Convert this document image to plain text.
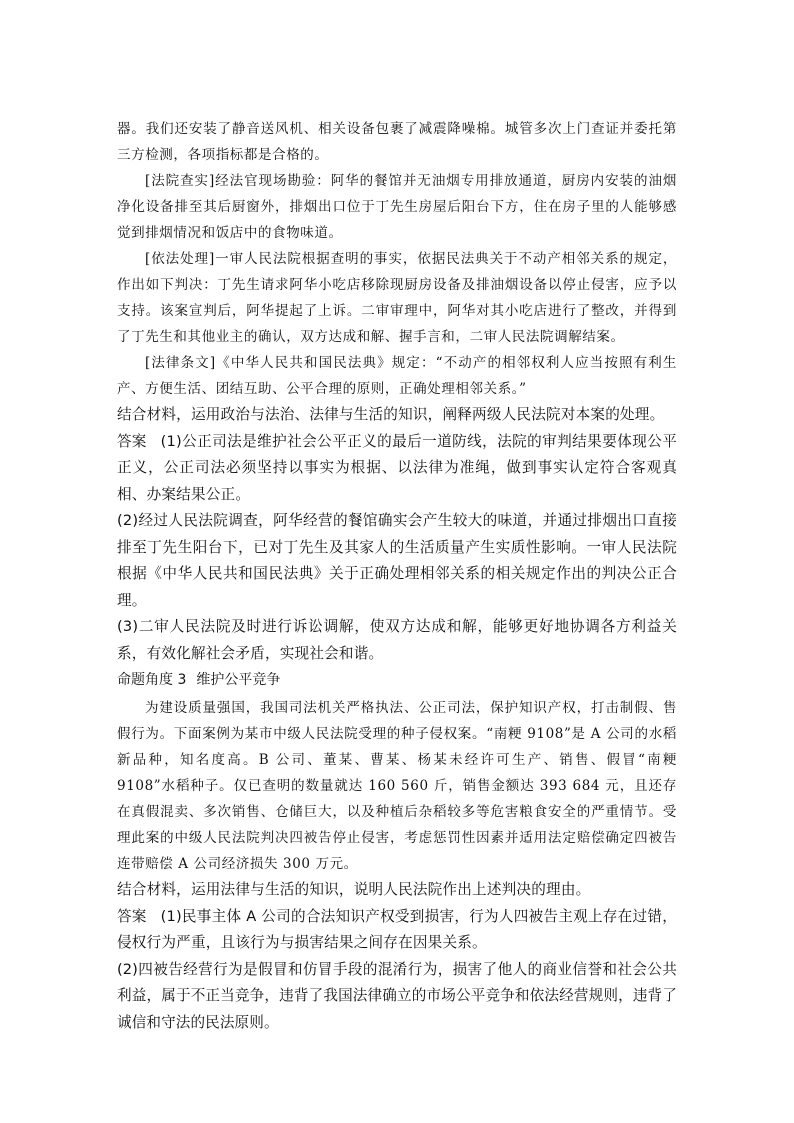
器。我们还安装了静音送风机、相关设备包裹了减震降噪棉。城管多次上门查证并委托第三方检测，各项指标都是合格的。

[法院查实]经法官现场勘验：阿华的餐馆并无油烟专用排放通道，厨房内安装的油烟净化设备排至其后厨窗外，排烟出口位于丁先生房屋后阳台下方，住在房子里的人能够感觉到排烟情况和饭店中的食物味道。

[依法处理]一审人民法院根据查明的事实，依据民法典关于不动产相邻关系的规定，作出如下判决：丁先生请求阿华小吃店移除现厨房设备及排油烟设备以停止侵害，应予以支持。该案宣判后，阿华提起了上诉。二审审理中，阿华对其小吃店进行了整改，并得到了丁先生和其他业主的确认，双方达成和解、握手言和，二审人民法院调解结案。

[法律条文]《中华人民共和国民法典》规定：“不动产的相邻权利人应当按照有利生产、方便生活、团结互助、公平合理的原则，正确处理相邻关系。”

结合材料，运用政治与法治、法律与生活的知识，阐释两级人民法院对本案的处理。

答案 (1)公正司法是维护社会公平正义的最后一道防线，法院的审判结果要体现公平正义，公正司法必须坚持以事实为根据、以法律为准绳，做到事实认定符合客观真相、办案结果公正。

(2)经过人民法院调查，阿华经营的餐馆确实会产生较大的味道，并通过排烟出口直接排至丁先生阳台下，已对丁先生及其家人的生活质量产生实质性影响。一审人民法院根据《中华人民共和国民法典》关于正确处理相邻关系的相关规定作出的判决公正合理。

(3)二审人民法院及时进行诉讼调解，使双方达成和解，能够更好地协调各方利益关系，有效化解社会矛盾，实现社会和谐。

命题角度 3 维护公平竞争

为建设质量强国，我国司法机关严格执法、公正司法，保护知识产权，打击制假、售假行为。下面案例为某市中级人民法院受理的种子侵权案。“南粳 9108”是 A 公司的水稻新品种，知名度高。B 公司、董某、曹某、杨某未经许可生产、销售、假冒“南粳 9108”水稻种子。仅已查明的数量就达 160 560 斤，销售金额达 393 684 元，且还存在真假混卖、多次销售、仓储巨大，以及种植后杂稻较多等危害粮食安全的严重情节。受理此案的中级人民法院判决四被告停止侵害，考虑惩罚性因素并适用法定赔偿确定四被告连带赔偿 A 公司经济损失 300 万元。

结合材料，运用法律与生活的知识，说明人民法院作出上述判决的理由。

答案 (1)民事主体 A 公司的合法知识产权受到损害，行为人四被告主观上存在过错，侵权行为严重，且该行为与损害结果之间存在因果关系。

(2)四被告经营行为是假冒和仿冒手段的混淆行为，损害了他人的商业信誉和社会公共利益，属于不正当竞争，违背了我国法律确立的市场公平竞争和依法经营规则，违背了诚信和守法的民法原则。
